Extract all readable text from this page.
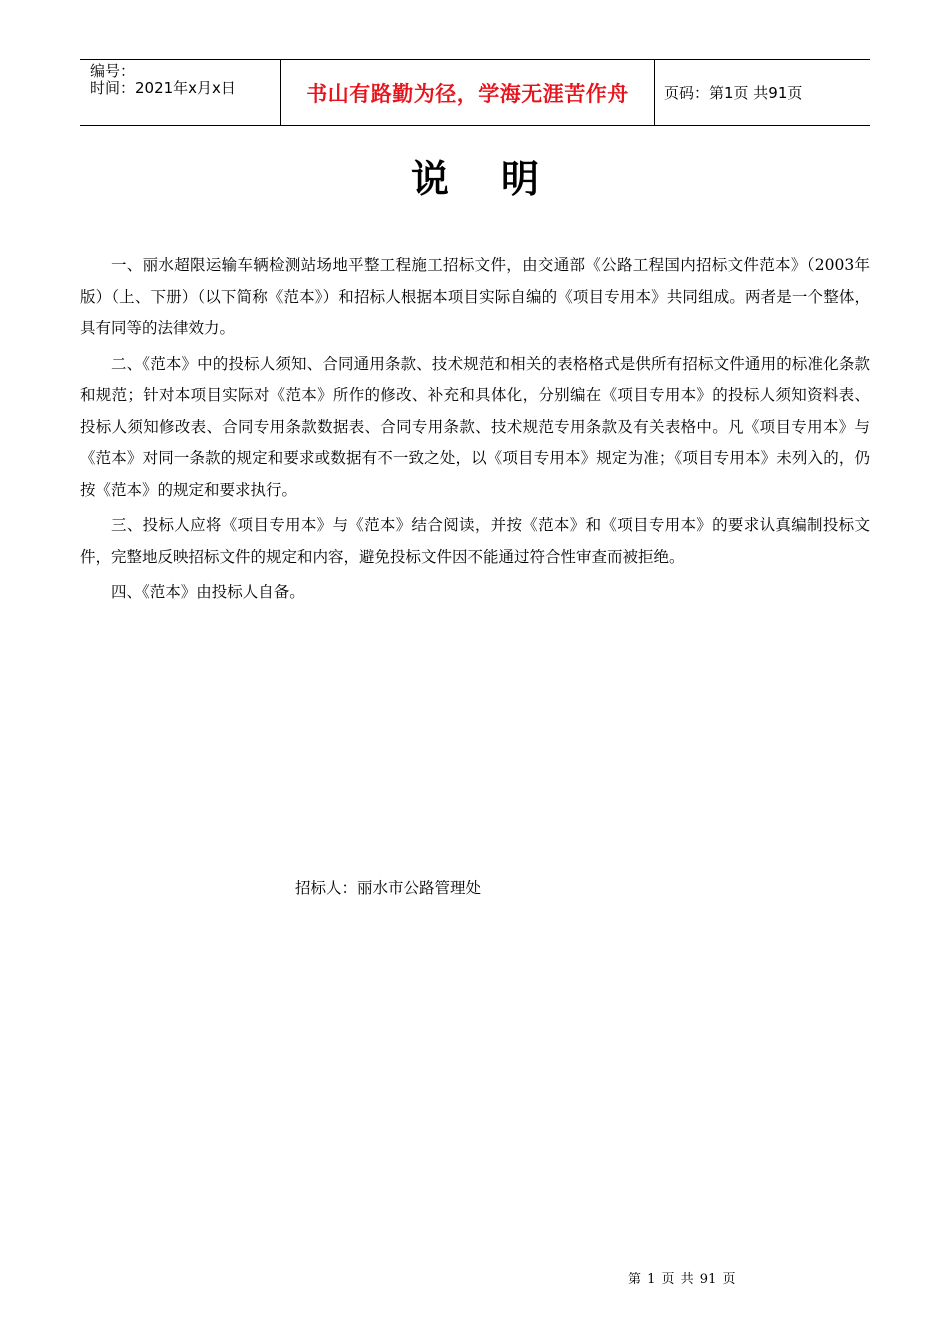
编号：
时间：2021年x月x日	书山有路勤为径，学海无涯苦作舟	页码：第1页 共91页
说明

一、丽水超限运输车辆检测站场地平整工程施工招标文件，由交通部《公路工程国内招标文件范本》（2003年版）（上、下册）（以下简称《范本》）和招标人根据本项目实际自编的《项目专用本》共同组成。两者是一个整体，具有同等的法律效力。

二、《范本》中的投标人须知、合同通用条款、技术规范和相关的表格格式是供所有招标文件通用的标准化条款和规范；针对本项目实际对《范本》所作的修改、补充和具体化，分别编在《项目专用本》的投标人须知资料表、投标人须知修改表、合同专用条款数据表、合同专用条款、技术规范专用条款及有关表格中。凡《项目专用本》与《范本》对同一条款的规定和要求或数据有不一致之处，以《项目专用本》规定为准；《项目专用本》未列入的，仍按《范本》的规定和要求执行。

三、投标人应将《项目专用本》与《范本》结合阅读，并按《范本》和《项目专用本》的要求认真编制投标文件，完整地反映招标文件的规定和内容，避免投标文件因不能通过符合性审查而被拒绝。

四、《范本》由投标人自备。

招标人：丽水市公路管理处
第 1 页 共 91 页
